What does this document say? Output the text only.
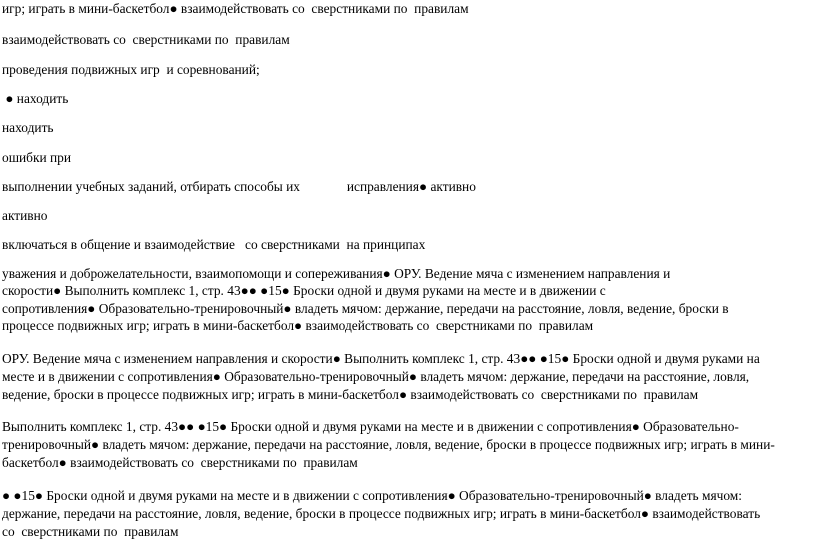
игр; играть в мини-баскетбол● взаимодействовать со  сверстниками по  правилам
взаимодействовать со  сверстниками по  правилам
проведения подвижных игр  и соревнований;
● находить
находить
ошибки при
выполнении учебных заданий, отбирать способы их              исправления● активно
активно
включаться в общение и взаимодействие   со сверстниками  на принципах
уважения и доброжелательности, взаимопомощи и сопереживания● ОРУ. Ведение мяча с изменением направления и
скорости● Выполнить комплекс 1, стр. 43●● ●15● Броски одной и двумя руками на месте и в движении с
сопротивления● Образовательно-тренировочный● владеть мячом: держание, передачи на расстояние, ловля, ведение, броски в
процессе подвижных игр; играть в мини-баскетбол● взаимодействовать со  сверстниками по  правилам
ОРУ. Ведение мяча с изменением направления и скорости● Выполнить комплекс 1, стр. 43●● ●15● Броски одной и двумя руками на
месте и в движении с сопротивления● Образовательно-тренировочный● владеть мячом: держание, передачи на расстояние, ловля,
ведение, броски в процессе подвижных игр; играть в мини-баскетбол● взаимодействовать со  сверстниками по  правилам
Выполнить комплекс 1, стр. 43●● ●15● Броски одной и двумя руками на месте и в движении с сопротивления● Образовательно-
тренировочный● владеть мячом: держание, передачи на расстояние, ловля, ведение, броски в процессе подвижных игр; играть в мини-
баскетбол● взаимодействовать со  сверстниками по  правилам
● ●15● Броски одной и двумя руками на месте и в движении с сопротивления● Образовательно-тренировочный● владеть мячом:
держание, передачи на расстояние, ловля, ведение, броски в процессе подвижных игр; играть в мини-баскетбол● взаимодействовать
со  сверстниками по  правилам
